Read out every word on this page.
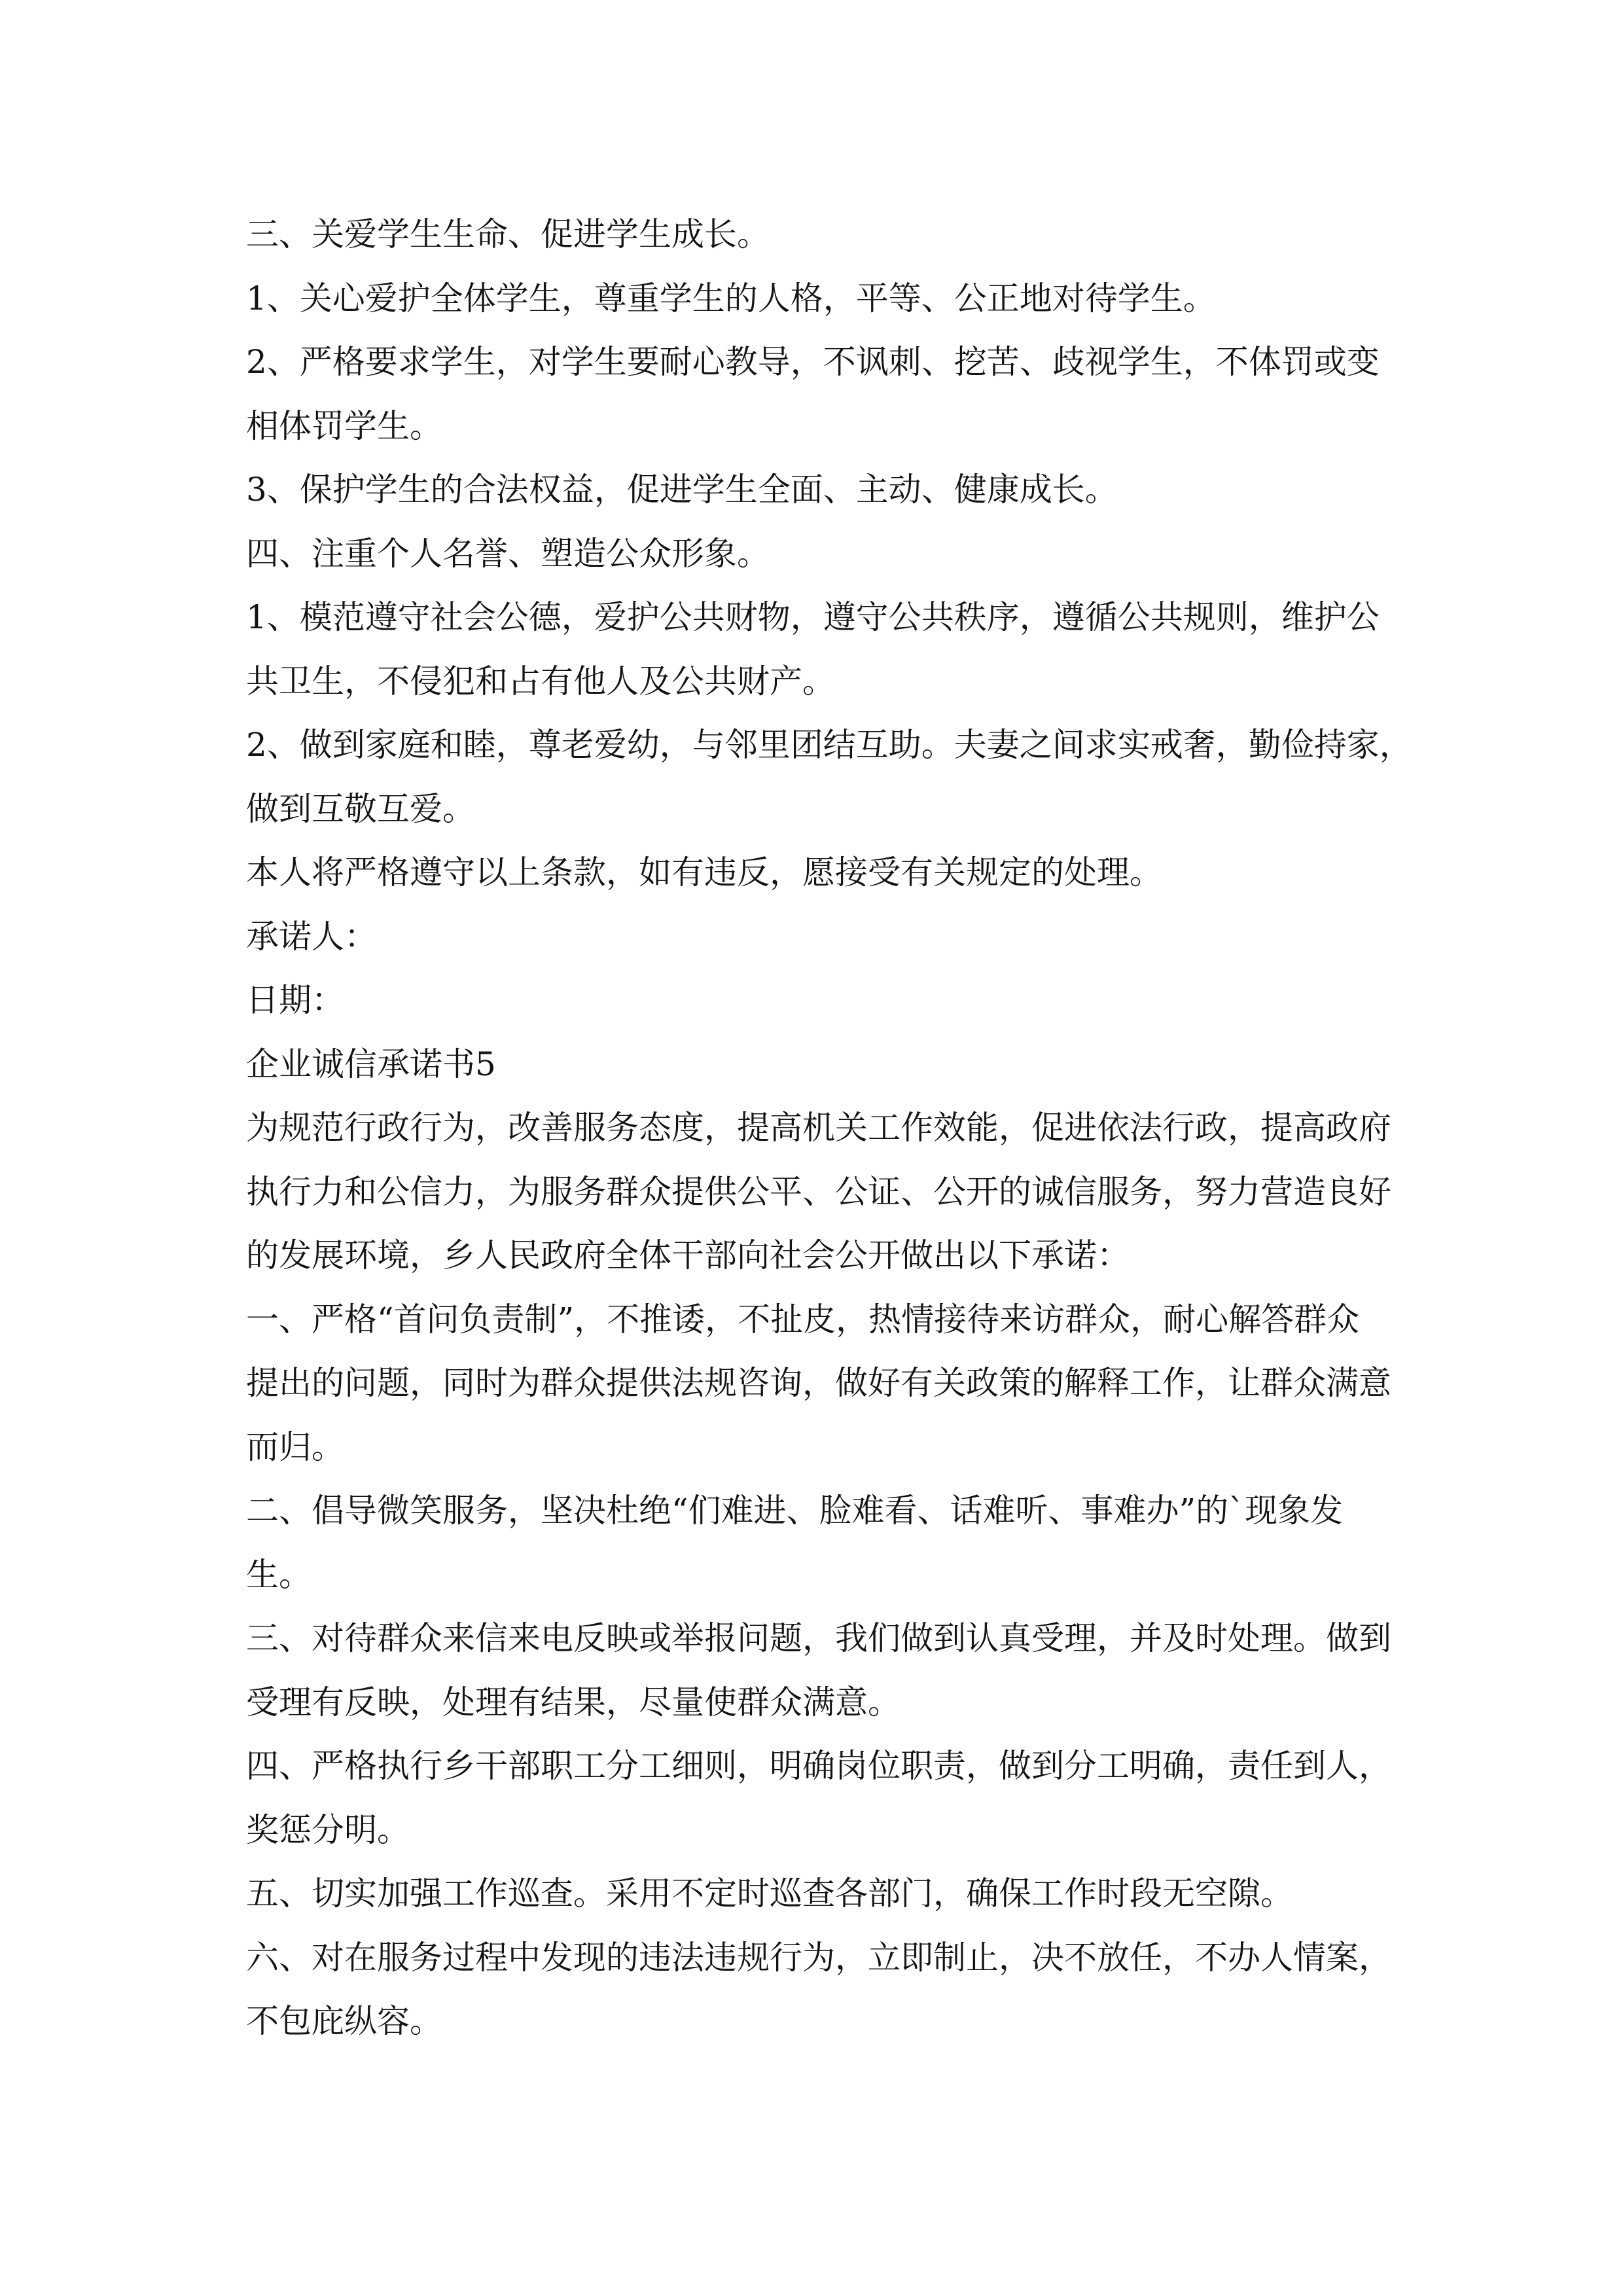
三、关爱学生生命、促进学生成长。

1、关心爱护全体学生，尊重学生的人格，平等、公正地对待学生。

2、严格要求学生，对学生要耐心教导，不讽刺、挖苦、歧视学生，不体罚或变

相体罚学生。

3、保护学生的合法权益，促进学生全面、主动、健康成长。

四、注重个人名誉、塑造公众形象。

1、模范遵守社会公德，爱护公共财物，遵守公共秩序，遵循公共规则，维护公

共卫生，不侵犯和占有他人及公共财产。

2、做到家庭和睦，尊老爱幼，与邻里团结互助。夫妻之间求实戒奢，勤俭持家，

做到互敬互爱。

本人将严格遵守以上条款，如有违反，愿接受有关规定的处理。

承诺人：

日期：

企业诚信承诺书5

为规范行政行为，改善服务态度，提高机关工作效能，促进依法行政，提高政府

执行力和公信力，为服务群众提供公平、公证、公开的诚信服务，努力营造良好

的发展环境，乡人民政府全体干部向社会公开做出以下承诺：

一、严格“首问负责制”，不推诿，不扯皮，热情接待来访群众，耐心解答群众

提出的问题，同时为群众提供法规咨询，做好有关政策的解释工作，让群众满意

而归。

二、倡导微笑服务，坚决杜绝“们难进、脸难看、话难听、事难办”的`现象发

生。

三、对待群众来信来电反映或举报问题，我们做到认真受理，并及时处理。做到

受理有反映，处理有结果，尽量使群众满意。

四、严格执行乡干部职工分工细则，明确岗位职责，做到分工明确，责任到人，

奖惩分明。

五、切实加强工作巡查。采用不定时巡查各部门，确保工作时段无空隙。

六、对在服务过程中发现的违法违规行为，立即制止，决不放任，不办人情案，

不包庇纵容。
